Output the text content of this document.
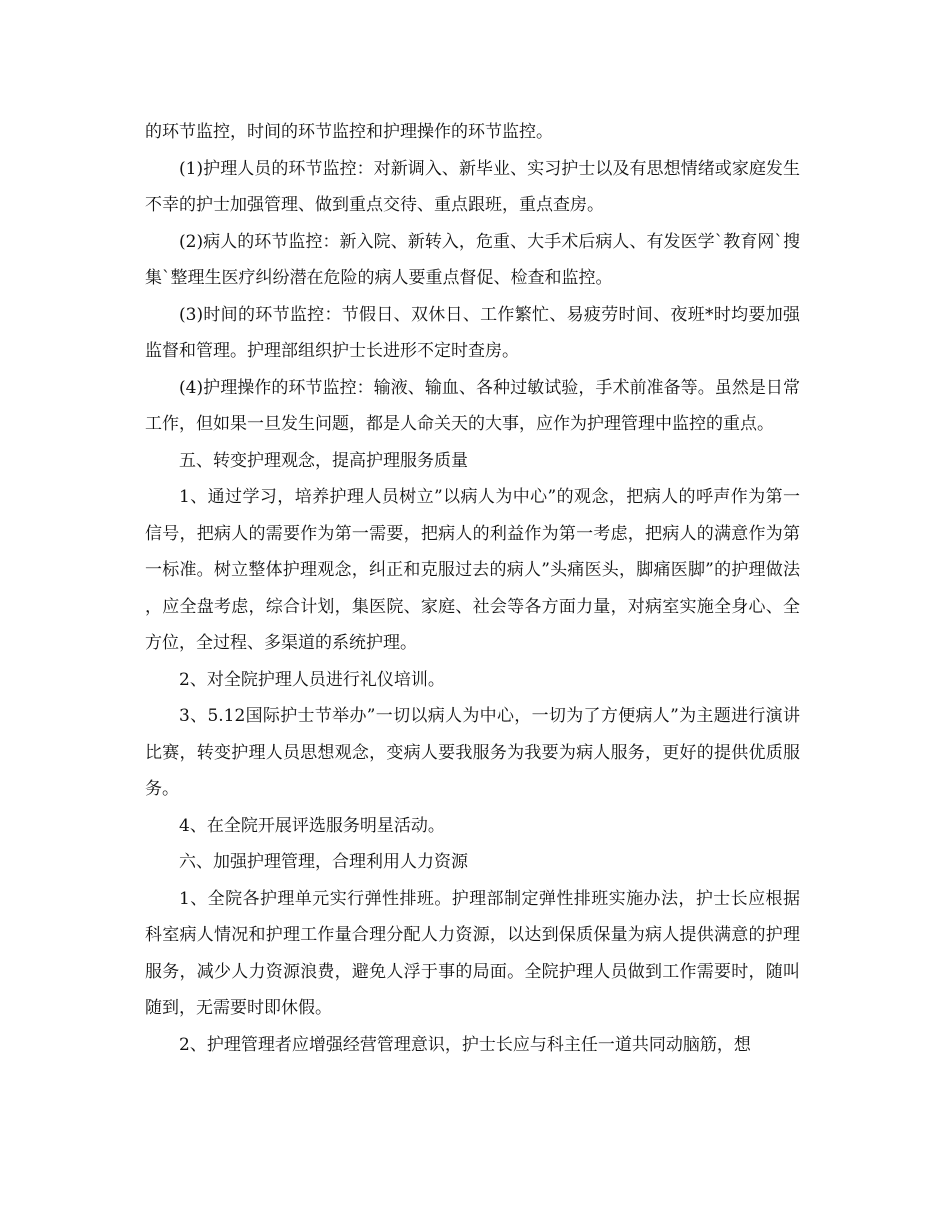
的环节监控，时间的环节监控和护理操作的环节监控。

(1)护理人员的环节监控：对新调入、新毕业、实习护士以及有思想情绪或家庭发生不幸的护士加强管理、做到重点交待、重点跟班，重点查房。

(2)病人的环节监控：新入院、新转入，危重、大手术后病人、有发医学`教育网`搜集`整理生医疗纠纷潜在危险的病人要重点督促、检查和监控。

(3)时间的环节监控：节假日、双休日、工作繁忙、易疲劳时间、夜班*时均要加强监督和管理。护理部组织护士长进形不定时查房。

(4)护理操作的环节监控：输液、输血、各种过敏试验，手术前准备等。虽然是日常工作，但如果一旦发生问题，都是人命关天的大事，应作为护理管理中监控的重点。

五、转变护理观念，提高护理服务质量

1、通过学习，培养护理人员树立”以病人为中心”的观念，把病人的呼声作为第一信号，把病人的需要作为第一需要，把病人的利益作为第一考虑，把病人的满意作为第一标准。树立整体护理观念，纠正和克服过去的病人”头痛医头，脚痛医脚”的护理做法，应全盘考虑，综合计划，集医院、家庭、社会等各方面力量，对病室实施全身心、全方位，全过程、多渠道的系统护理。

2、对全院护理人员进行礼仪培训。

3、5.12国际护士节举办”一切以病人为中心，一切为了方便病人”为主题进行演讲比赛，转变护理人员思想观念，变病人要我服务为我要为病人服务，更好的提供优质服务。

4、在全院开展评选服务明星活动。

六、加强护理管理，合理利用人力资源

1、全院各护理单元实行弹性排班。护理部制定弹性排班实施办法，护士长应根据科室病人情况和护理工作量合理分配人力资源，以达到保质保量为病人提供满意的护理服务，减少人力资源浪费，避免人浮于事的局面。全院护理人员做到工作需要时，随叫随到，无需要时即休假。

2、护理管理者应增强经营管理意识，护士长应与科主任一道共同动脑筋，想
